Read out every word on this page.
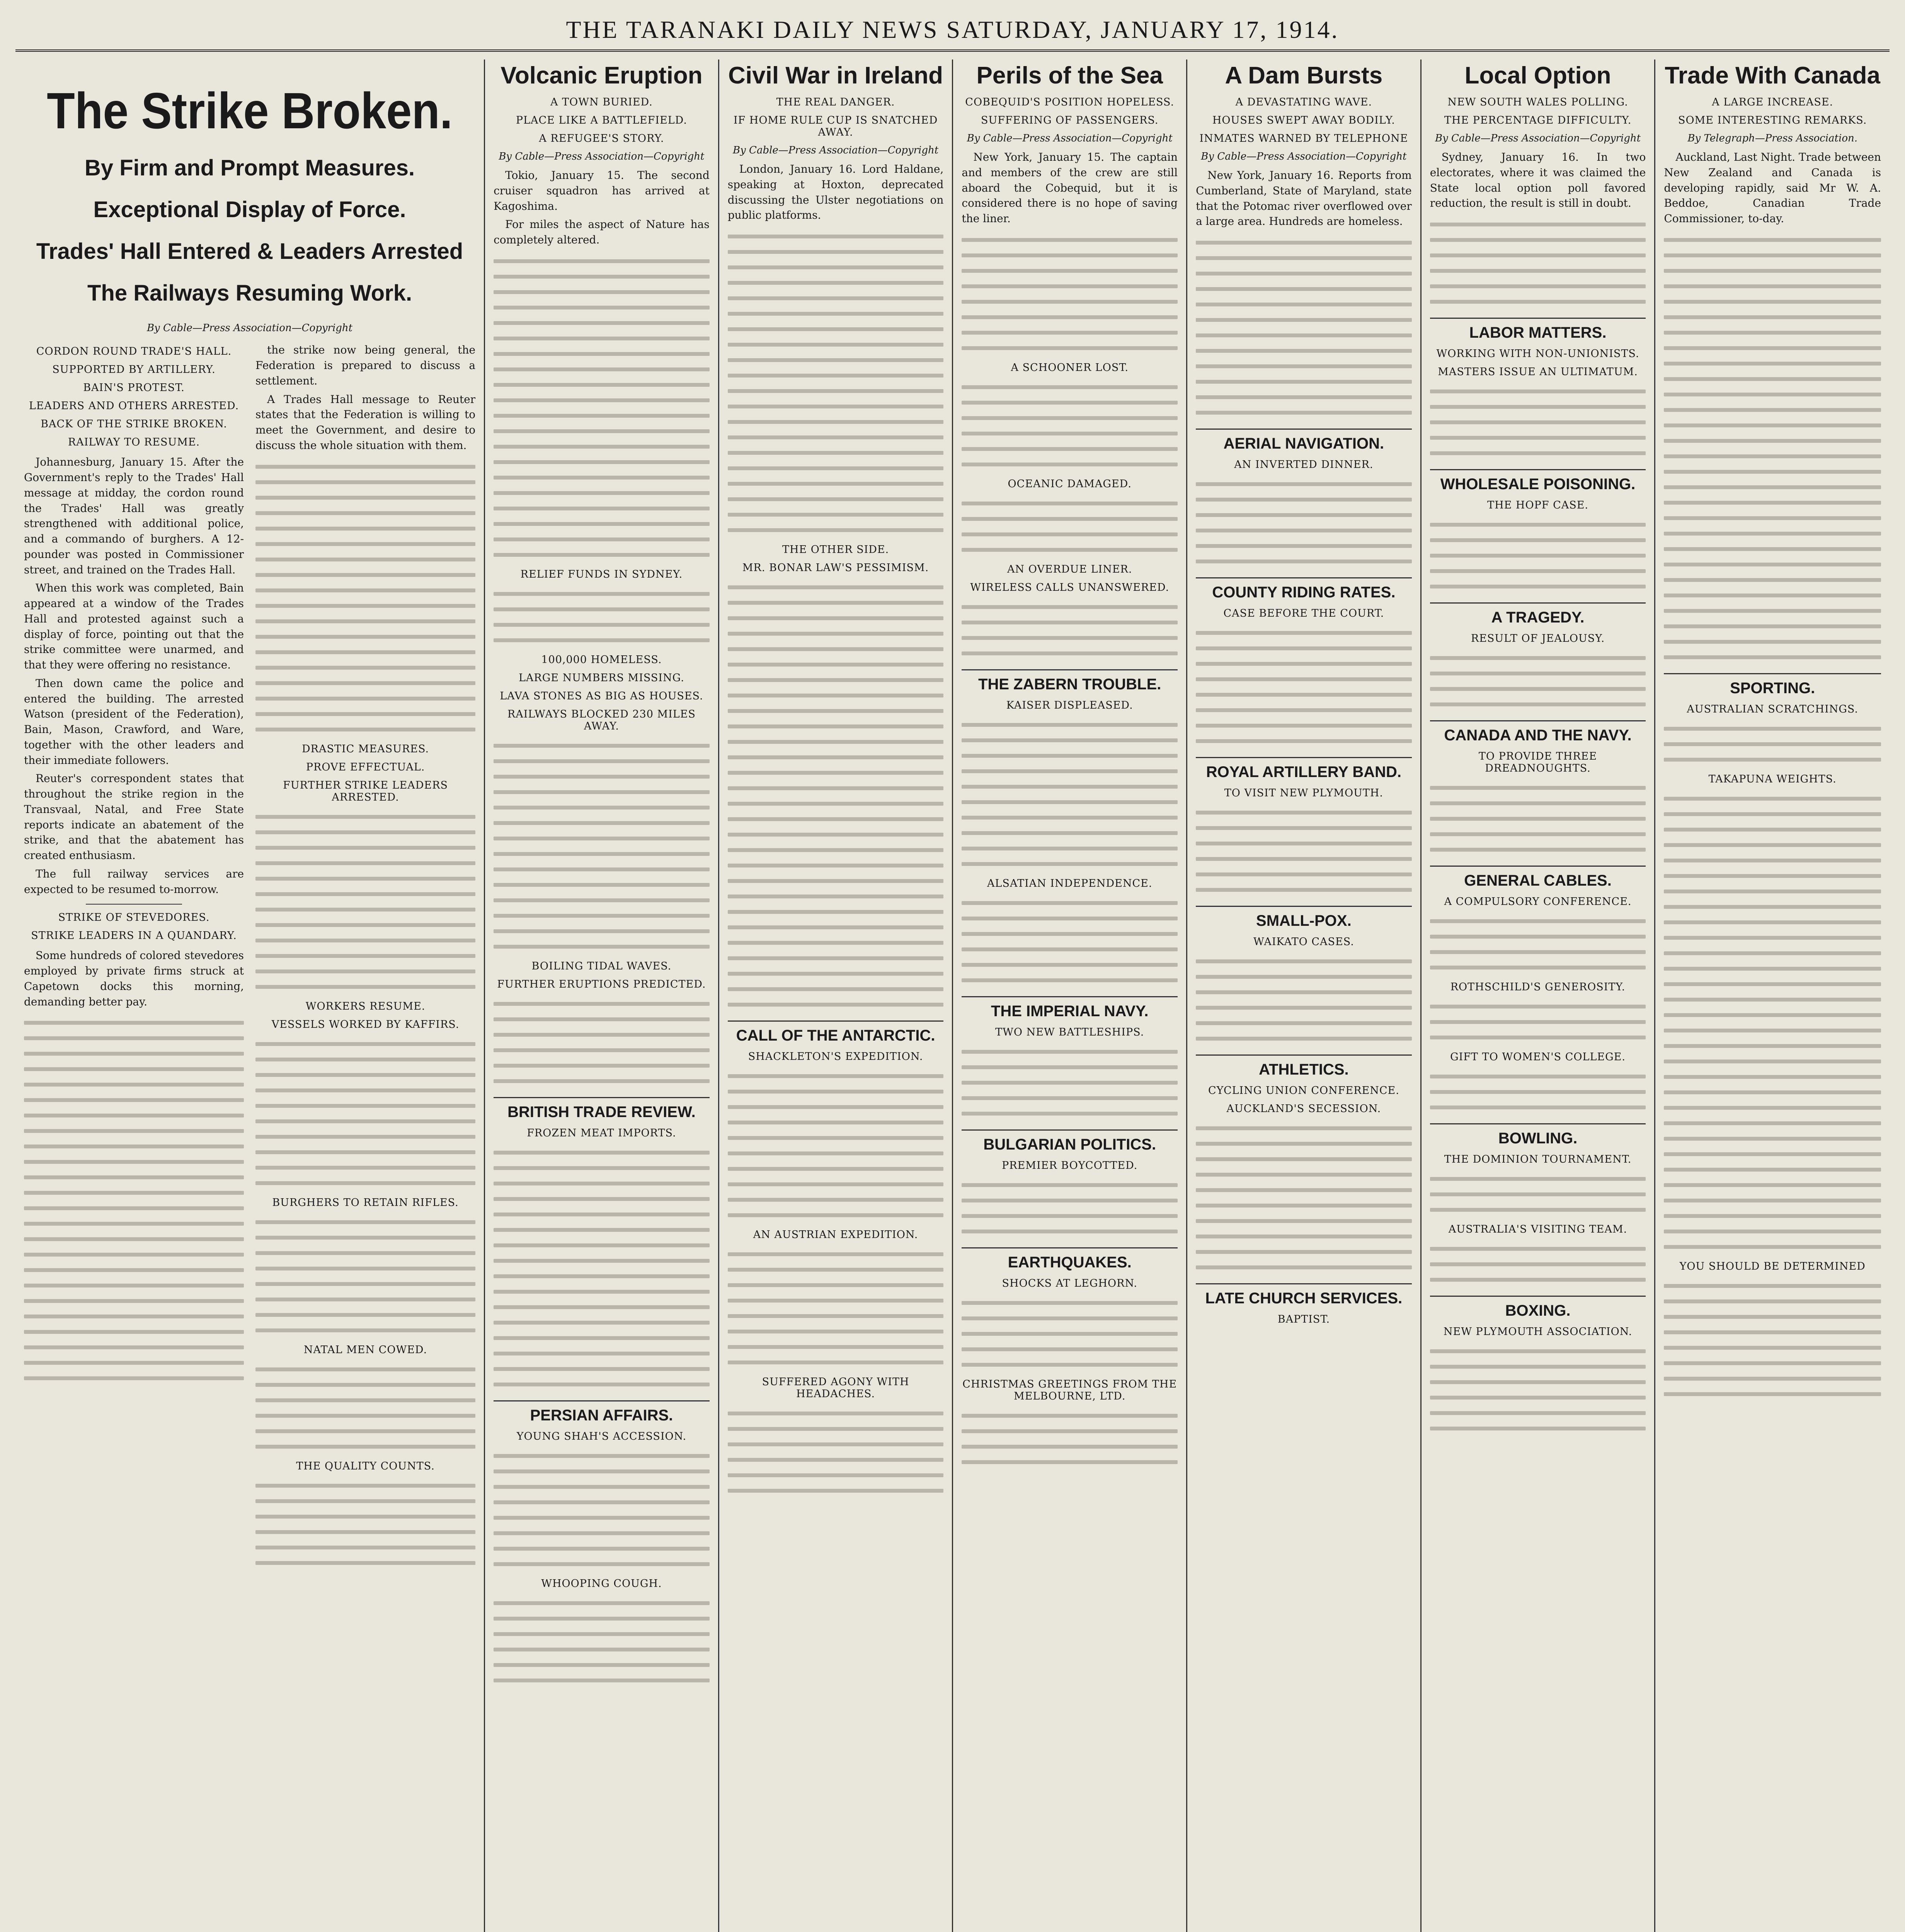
THE TARANAKI DAILY NEWS SATURDAY, JANUARY 17, 1914.
The Strike Broken.
By Firm and Prompt Measures.
Exceptional Display of Force.
Trades' Hall Entered & Leaders Arrested
The Railways Resuming Work.
By Cable—Press Association—Copyright
CORDON ROUND TRADE'S HALL.
SUPPORTED BY ARTILLERY.
BAIN'S PROTEST.
LEADERS AND OTHERS ARRESTED.
BACK OF THE STRIKE BROKEN.
RAILWAY TO RESUME.

Johannesburg, January 15. After the Government's reply to the Trades' Hall message at midday, the cordon round the Trades' Hall was greatly strengthened with additional police, and a commando of burghers. A 12-pounder was posted in Commissioner street, and trained on the Trades Hall.

When this work was completed, Bain appeared at a window of the Trades Hall and protested against such a display of force, pointing out that the strike committee were unarmed, and that they were offering no resistance.

Then down came the police and entered the building. The arrested Watson (president of the Federation), Bain, Mason, Crawford, and Ware, together with the other leaders and their immediate followers.

Reuter's correspondent states that throughout the strike region in the Transvaal, Natal, and Free State reports indicate an abatement of the strike, and that the abatement has created enthusiasm.

The full railway services are expected to be resumed to-morrow.

STRIKE OF STEVEDORES.
STRIKE LEADERS IN A QUANDARY.

Some hundreds of colored stevedores employed by private firms struck at Capetown docks this morning, demanding better pay.

the strike now being general, the Federation is prepared to discuss a settlement.

A Trades Hall message to Reuter states that the Federation is willing to meet the Government, and desire to discuss the whole situation with them.

DRASTIC MEASURES.
PROVE EFFECTUAL.
FURTHER STRIKE LEADERS ARRESTED.
WORKERS RESUME.
VESSELS WORKED BY KAFFIRS.
BURGHERS TO RETAIN RIFLES.
NATAL MEN COWED.
THE QUALITY COUNTS.
Volcanic Eruption
A TOWN BURIED.
PLACE LIKE A BATTLEFIELD.
A REFUGEE'S STORY.
By Cable—Press Association—Copyright

Tokio, January 15. The second cruiser squadron has arrived at Kagoshima.

For miles the aspect of Nature has completely altered.

RELIEF FUNDS IN SYDNEY.
100,000 HOMELESS.
LARGE NUMBERS MISSING.
LAVA STONES AS BIG AS HOUSES.
RAILWAYS BLOCKED 230 MILES AWAY.
BOILING TIDAL WAVES.
FURTHER ERUPTIONS PREDICTED.
BRITISH TRADE REVIEW.
FROZEN MEAT IMPORTS.
PERSIAN AFFAIRS.
YOUNG SHAH'S ACCESSION.
WHOOPING COUGH.
Civil War in Ireland
THE REAL DANGER.
IF HOME RULE CUP IS SNATCHED AWAY.
By Cable—Press Association—Copyright

London, January 16. Lord Haldane, speaking at Hoxton, deprecated discussing the Ulster negotiations on public platforms.

THE OTHER SIDE.
MR. BONAR LAW'S PESSIMISM.
CALL OF THE ANTARCTIC.
SHACKLETON'S EXPEDITION.
AN AUSTRIAN EXPEDITION.
SUFFERED AGONY WITH HEADACHES.
Perils of the Sea
COBEQUID'S POSITION HOPELESS.
SUFFERING OF PASSENGERS.
By Cable—Press Association—Copyright

New York, January 15. The captain and members of the crew are still aboard the Cobequid, but it is considered there is no hope of saving the liner.

A SCHOONER LOST.
OCEANIC DAMAGED.
AN OVERDUE LINER.
WIRELESS CALLS UNANSWERED.
THE ZABERN TROUBLE.
KAISER DISPLEASED.
ALSATIAN INDEPENDENCE.
THE IMPERIAL NAVY.
TWO NEW BATTLESHIPS.
BULGARIAN POLITICS.
PREMIER BOYCOTTED.
EARTHQUAKES.
SHOCKS AT LEGHORN.
CHRISTMAS GREETINGS FROM THE MELBOURNE, LTD.
A Dam Bursts
A DEVASTATING WAVE.
HOUSES SWEPT AWAY BODILY.
INMATES WARNED BY TELEPHONE
By Cable—Press Association—Copyright

New York, January 16. Reports from Cumberland, State of Maryland, state that the Potomac river overflowed over a large area. Hundreds are homeless.

AERIAL NAVIGATION.
AN INVERTED DINNER.
COUNTY RIDING RATES.
CASE BEFORE THE COURT.
ROYAL ARTILLERY BAND.
TO VISIT NEW PLYMOUTH.
SMALL-POX.
WAIKATO CASES.
ATHLETICS.
CYCLING UNION CONFERENCE.
AUCKLAND'S SECESSION.
LATE CHURCH SERVICES.
BAPTIST.
Local Option
NEW SOUTH WALES POLLING.
THE PERCENTAGE DIFFICULTY.
By Cable—Press Association—Copyright

Sydney, January 16. In two electorates, where it was claimed the State local option poll favored reduction, the result is still in doubt.

LABOR MATTERS.
WORKING WITH NON-UNIONISTS.
MASTERS ISSUE AN ULTIMATUM.
WHOLESALE POISONING.
THE HOPF CASE.
A TRAGEDY.
RESULT OF JEALOUSY.
CANADA AND THE NAVY.
TO PROVIDE THREE DREADNOUGHTS.
GENERAL CABLES.
A COMPULSORY CONFERENCE.
ROTHSCHILD'S GENEROSITY.
GIFT TO WOMEN'S COLLEGE.
BOWLING.
THE DOMINION TOURNAMENT.
AUSTRALIA'S VISITING TEAM.
BOXING.
NEW PLYMOUTH ASSOCIATION.
Trade With Canada
A LARGE INCREASE.
SOME INTERESTING REMARKS.
By Telegraph—Press Association.

Auckland, Last Night. Trade between New Zealand and Canada is developing rapidly, said Mr W. A. Beddoe, Canadian Trade Commissioner, to-day.

SPORTING.
AUSTRALIAN SCRATCHINGS.
TAKAPUNA WEIGHTS.
YOU SHOULD BE DETERMINED
